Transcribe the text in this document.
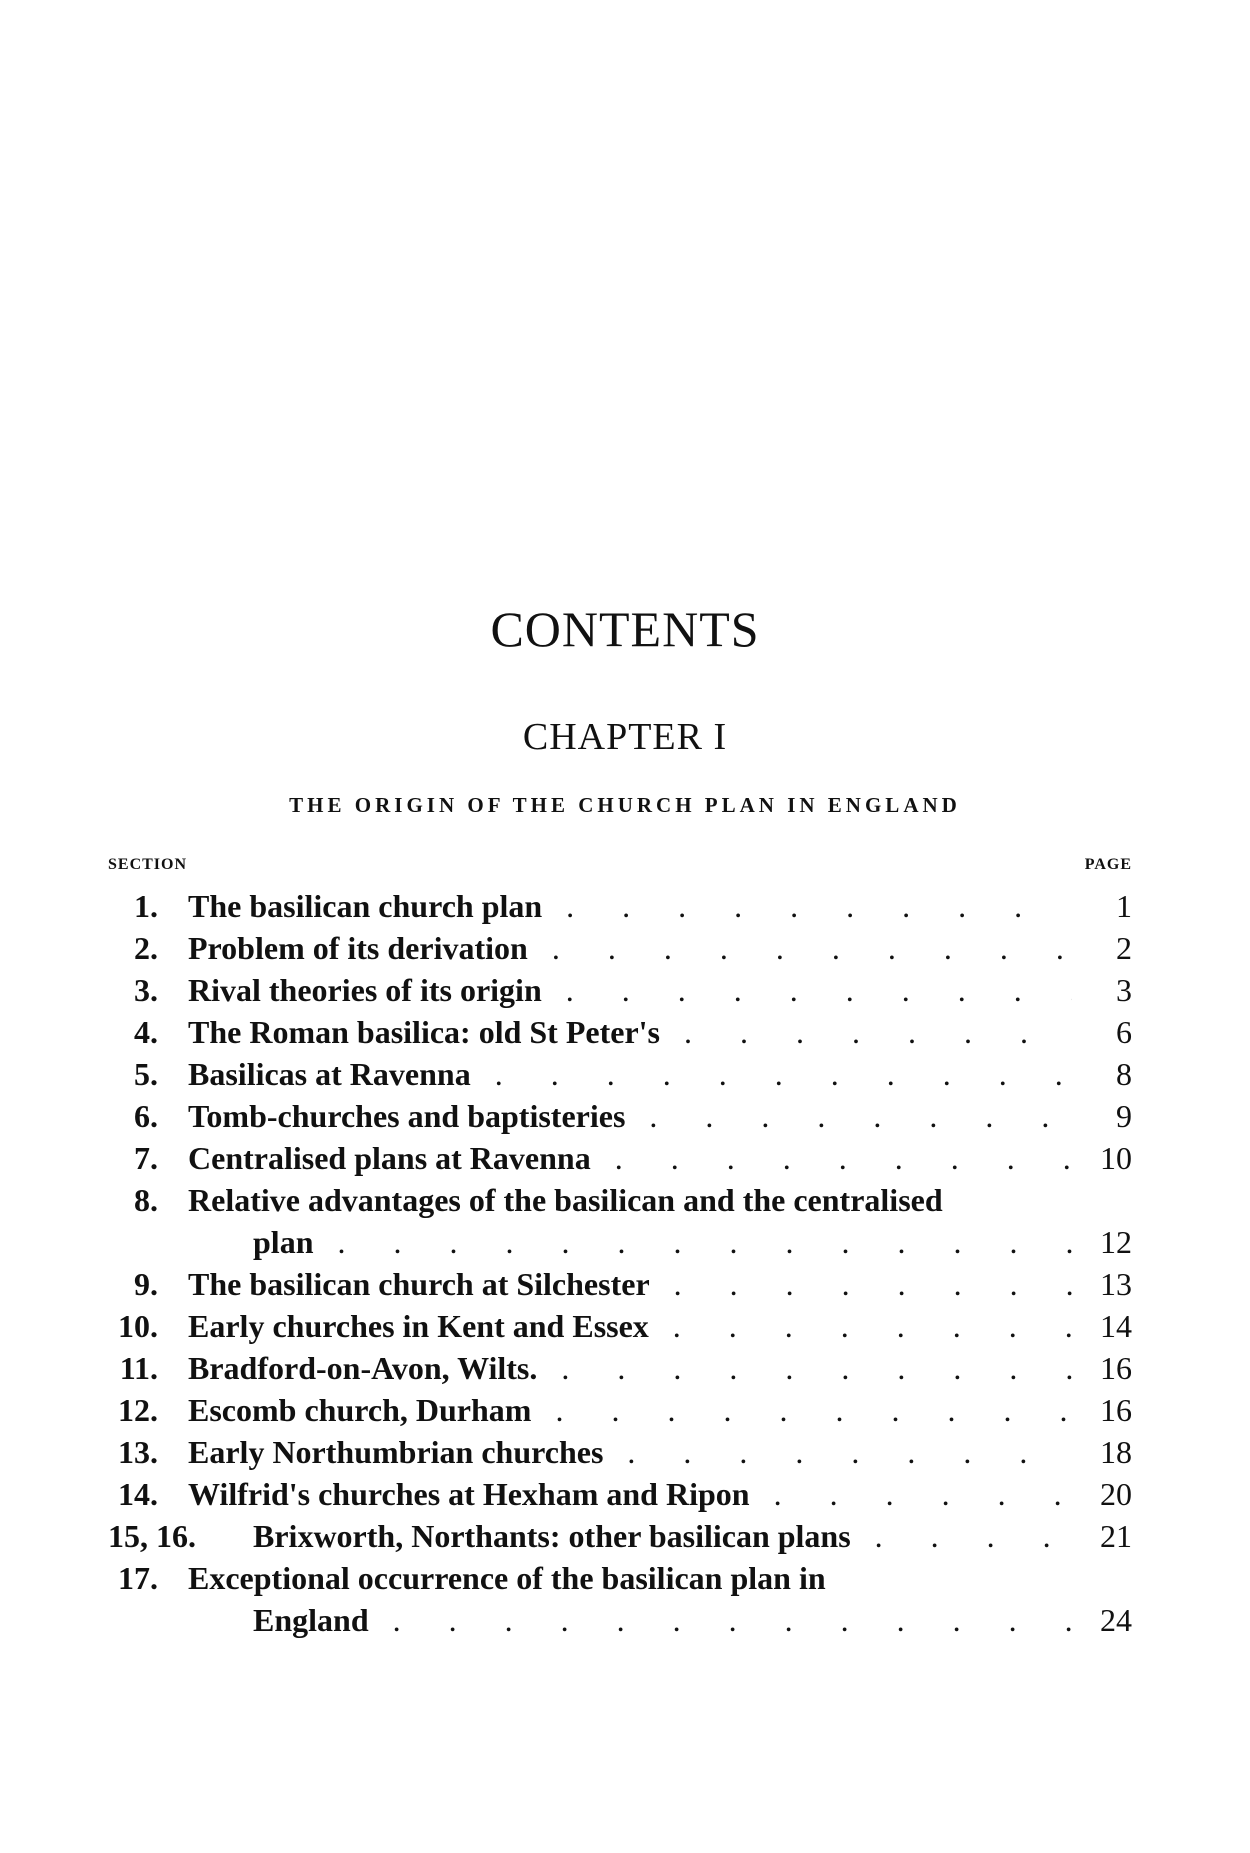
CONTENTS
CHAPTER I
THE ORIGIN OF THE CHURCH PLAN IN ENGLAND
SECTION	PAGE
1. The basilican church plan .	1
2. Problem of its derivation .	2
3. Rival theories of its origin .	3
4. The Roman basilica: old St Peter's .	6
5. Basilicas at Ravenna .	8
6. Tomb-churches and baptisteries .	9
7. Centralised plans at Ravenna .	10
8. Relative advantages of the basilican and the centralised
plan .	12
9. The basilican church at Silchester .	13
10. Early churches in Kent and Essex .	14
11. Bradford-on-Avon, Wilts. .	16
12. Escomb church, Durham .	16
13. Early Northumbrian churches .	18
14. Wilfrid's churches at Hexham and Ripon .	20
15, 16. Brixworth, Northants: other basilican plans .	21
17. Exceptional occurrence of the basilican plan in
England .	24
